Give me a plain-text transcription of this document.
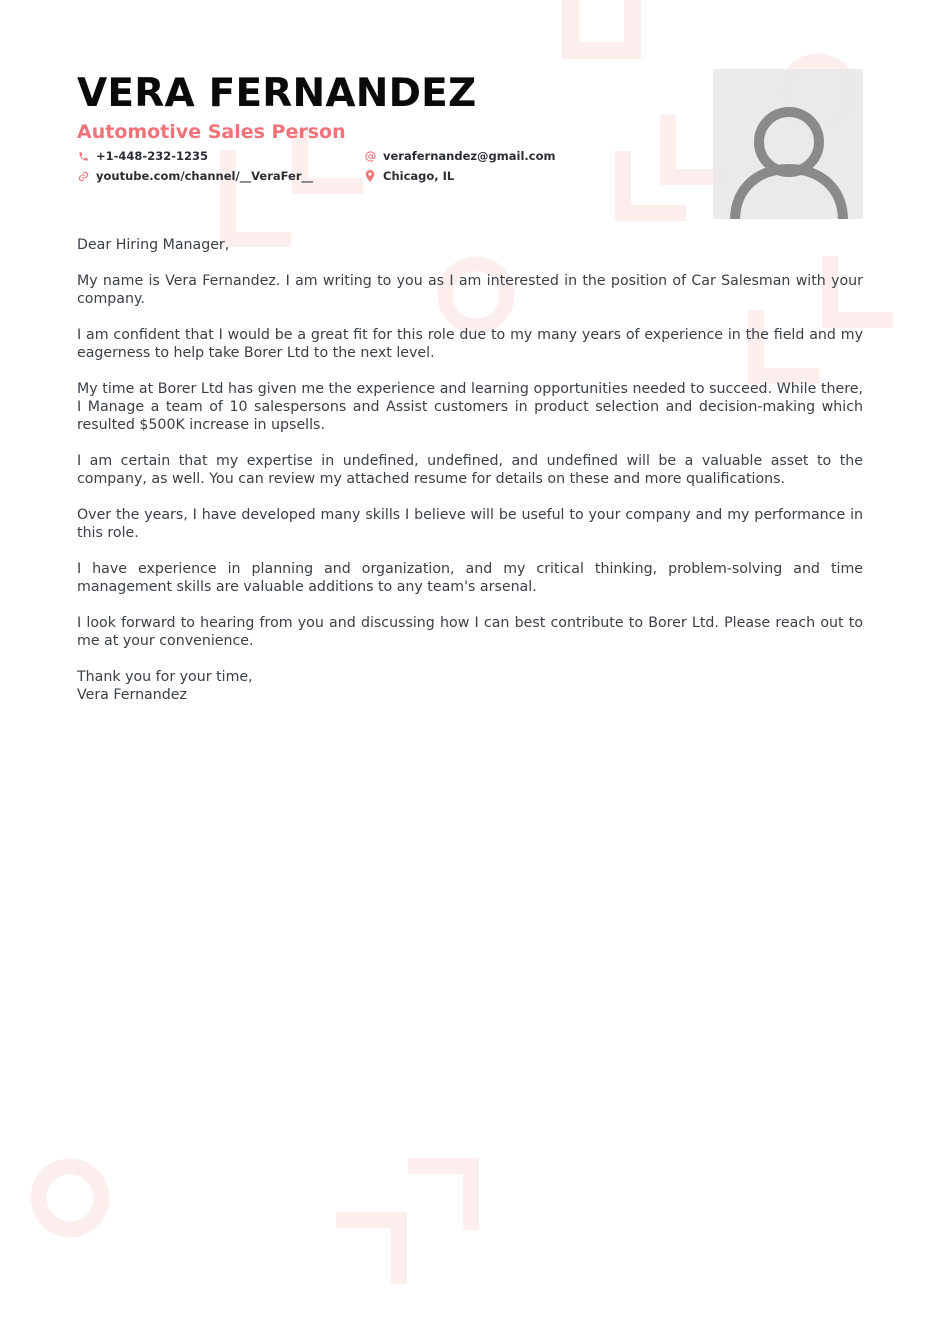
VERA FERNANDEZ
Automotive Sales Person
+1-448-232-1235
youtube.com/channel/__VeraFer__
verafernandez@gmail.com
Chicago, IL

Dear Hiring Manager,

My name is Vera Fernandez. I am writing to you as I am interested in the position of Car Salesman with your company.

I am confident that I would be a great fit for this role due to my many years of experience in the field and my eagerness to help take Borer Ltd to the next level.

My time at Borer Ltd has given me the experience and learning opportunities needed to succeed. While there, I Manage a team of 10 salespersons and Assist customers in product selection and decision-making which resulted $500K increase in upsells.

I am certain that my expertise in undefined, undefined, and undefined will be a valuable asset to the company, as well. You can review my attached resume for details on these and more qualifications.

Over the years, I have developed many skills I believe will be useful to your company and my performance in this role.

I have experience in planning and organization, and my critical thinking, problem-solving and time management skills are valuable additions to any team's arsenal.

I look forward to hearing from you and discussing how I can best contribute to Borer Ltd. Please reach out to me at your convenience.

Thank you for your time,

Vera Fernandez
